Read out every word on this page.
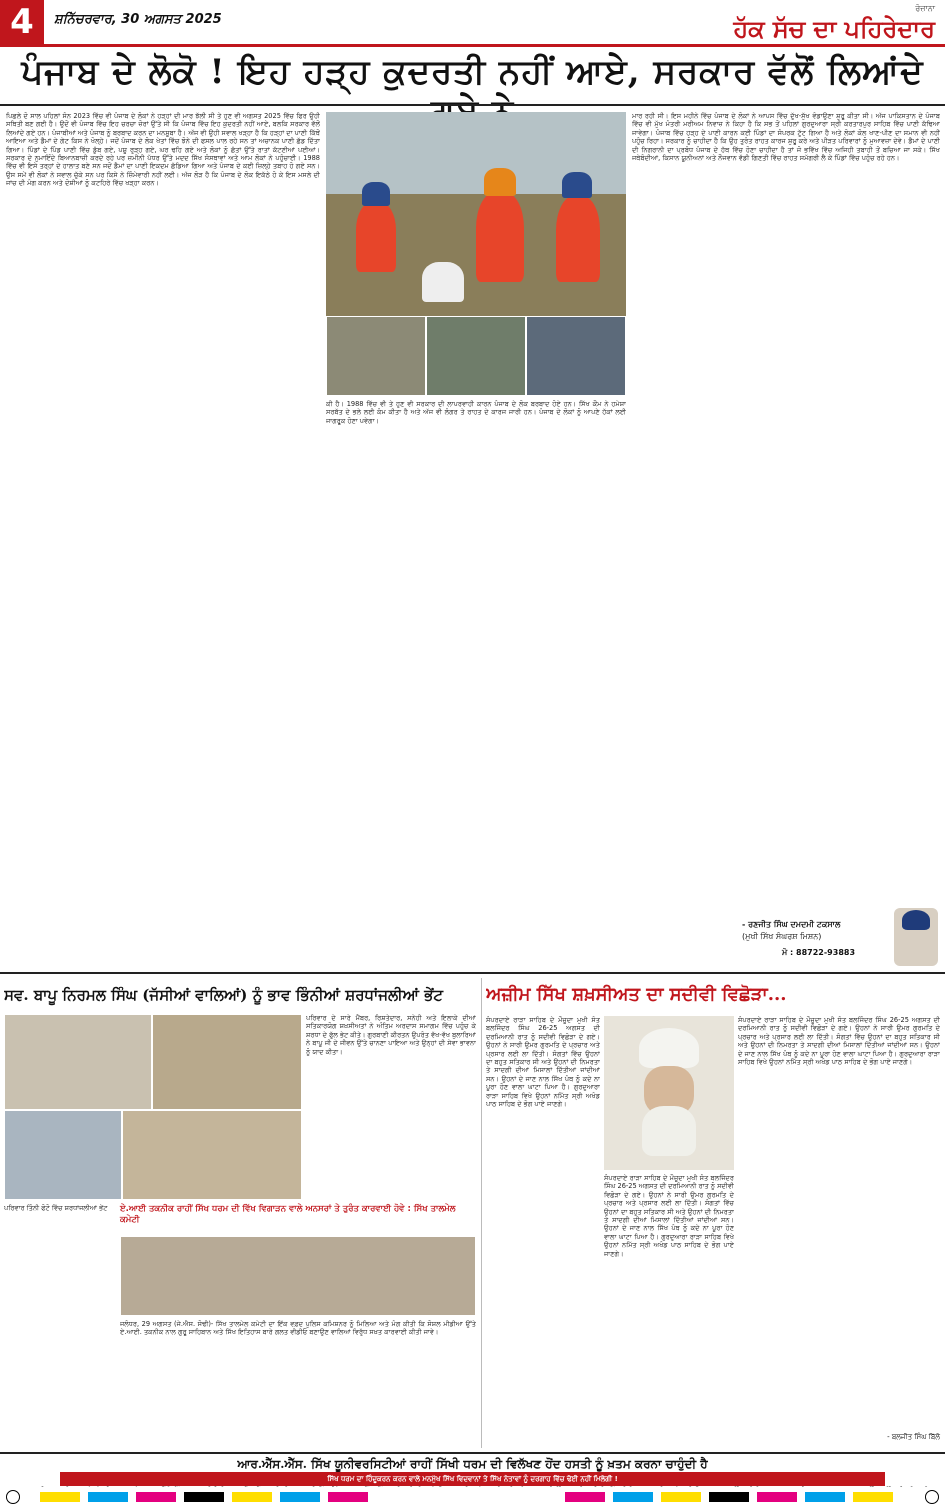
4	ਸ਼ਨਿੱਚਰਵਾਰ, 30 ਅਗਸਤ 2025
ਰੋਜ਼ਾਨਾ
ਹੱਕ ਸੱਚ ਦਾ ਪਹਿਰੇਦਾਰ
ਪੰਜਾਬ ਦੇ ਲੋਕੋ ! ਇਹ ਹੜ੍ਹ ਕੁਦਰਤੀ ਨਹੀਂ ਆਏ, ਸਰਕਾਰ ਵੱਲੋਂ ਲਿਆਂਦੇ
ਪਿਛਲੇ ਦੋ ਸਾਲ ਪਹਿਲਾਂ ਸੰਨ 2023 ਵਿੱਚ ਵੀ ਪੰਜਾਬ ਦੇ ਲੋਕਾਂ ਨੇ ਹੜ੍ਹਾਂ ਦੀ ਮਾਰ ਝੱਲੀ ਸੀ ਤੇ ਹੁਣ ਵੀ ਅਗਸਤ 2025 ਵਿੱਚ ਫਿਰ ਉਹੀ ਸਥਿਤੀ ਬਣ ਗਈ ਹੈ। ਉਦੋਂ ਵੀ ਪੰਜਾਬ ਵਿੱਚ ਇਹ ਚਰਚਾ ਜ਼ੋਰਾਂ ਉੱਤੇ ਸੀ ਕਿ ਪੰਜਾਬ ਵਿੱਚ ਇਹ ਕੁਦਰਤੀ ਨਹੀਂ ਆਏ, ਬਲਕਿ ਸਰਕਾਰ ਵੱਲੋਂ ਲਿਆਂਦੇ ਗਏ ਹਨ। ਪੰਜਾਬੀਆਂ ਅਤੇ ਪੰਜਾਬ ਨੂੰ ਬਰਬਾਦ ਕਰਨ ਦਾ ਮਨਸੂਬਾ ਹੈ। ਅੱਜ ਵੀ ਉਹੀ ਸਵਾਲ ਖੜ੍ਹਾ ਹੈ ਕਿ ਹੜ੍ਹਾਂ ਦਾ ਪਾਣੀ ਕਿੱਥੋਂ ਆਇਆ ਅਤੇ ਡੈਮਾਂ ਦੇ ਗੇਟ ਕਿਸ ਨੇ ਖੋਲ੍ਹੇ। ਜਦੋਂ ਪੰਜਾਬ ਦੇ ਲੋਕ ਖੇਤਾਂ ਵਿੱਚ ਝੋਨੇ ਦੀ ਫਸਲ ਪਾਲ ਰਹੇ ਸਨ ਤਾਂ ਅਚਾਨਕ ਪਾਣੀ ਛੱਡ ਦਿੱਤਾ ਗਿਆ। ਪਿੰਡਾਂ ਦੇ ਪਿੰਡ ਪਾਣੀ ਵਿੱਚ ਡੁੱਬ ਗਏ, ਪਸ਼ੂ ਰੁੜ੍ਹ ਗਏ, ਘਰ ਢਹਿ ਗਏ ਅਤੇ ਲੋਕਾਂ ਨੂੰ ਛੱਤਾਂ ਉੱਤੇ ਰਾਤਾਂ ਕੱਟਣੀਆਂ ਪਈਆਂ। ਸਰਕਾਰ ਦੇ ਨੁਮਾਇੰਦੇ ਬਿਆਨਬਾਜ਼ੀ ਕਰਦੇ ਰਹੇ ਪਰ ਜ਼ਮੀਨੀ ਪੱਧਰ ਉੱਤੇ ਮਦਦ ਸਿੱਖ ਸੰਸਥਾਵਾਂ ਅਤੇ ਆਮ ਲੋਕਾਂ ਨੇ ਪਹੁੰਚਾਈ। 1988 ਵਿੱਚ ਵੀ ਇਸੇ ਤਰ੍ਹਾਂ ਦੇ ਹਾਲਾਤ ਬਣੇ ਸਨ ਜਦੋਂ ਡੈਮਾਂ ਦਾ ਪਾਣੀ ਇਕਦਮ ਛੱਡਿਆ ਗਿਆ ਅਤੇ ਪੰਜਾਬ ਦੇ ਕਈ ਜ਼ਿਲ੍ਹੇ ਤਬਾਹ ਹੋ ਗਏ ਸਨ। ਉਸ ਸਮੇਂ ਵੀ ਲੋਕਾਂ ਨੇ ਸਵਾਲ ਚੁੱਕੇ ਸਨ ਪਰ ਕਿਸੇ ਨੇ ਜ਼ਿੰਮੇਵਾਰੀ ਨਹੀਂ ਲਈ। ਅੱਜ ਲੋੜ ਹੈ ਕਿ ਪੰਜਾਬ ਦੇ ਲੋਕ ਇਕੱਠੇ ਹੋ ਕੇ ਇਸ ਮਸਲੇ ਦੀ ਜਾਂਚ ਦੀ ਮੰਗ ਕਰਨ ਅਤੇ ਦੋਸ਼ੀਆਂ ਨੂੰ ਕਟਹਿਰੇ ਵਿੱਚ ਖੜ੍ਹਾ ਕਰਨ।
ਕੀ ਹੈ। 1988 ਵਿੱਚ ਵੀ ਤੇ ਹੁਣ ਵੀ ਸਰਕਾਰ ਦੀ ਲਾਪਰਵਾਹੀ ਕਾਰਨ ਪੰਜਾਬ ਦੇ ਲੋਕ ਬਰਬਾਦ ਹੋਏ ਹਨ। ਸਿੱਖ ਕੌਮ ਨੇ ਹਮੇਸ਼ਾ ਸਰਬੱਤ ਦੇ ਭਲੇ ਲਈ ਕੰਮ ਕੀਤਾ ਹੈ ਅਤੇ ਅੱਜ ਵੀ ਲੰਗਰ ਤੇ ਰਾਹਤ ਦੇ ਕਾਰਜ ਜਾਰੀ ਹਨ। ਪੰਜਾਬ ਦੇ ਲੋਕਾਂ ਨੂੰ ਆਪਣੇ ਹੱਕਾਂ ਲਈ ਜਾਗਰੂਕ ਹੋਣਾ ਪਵੇਗਾ।
ਮਾਰ ਰਹੀ ਸੀ। ਇਸ ਮਹੀਨੇ ਵਿੱਚ ਪੰਜਾਬ ਦੇ ਲੋਕਾਂ ਨੇ ਆਪਸ ਵਿੱਚ ਦੁੱਖ-ਸੁੱਖ ਵੰਡਾਉਣਾ ਸ਼ੁਰੂ ਕੀਤਾ ਸੀ। ਅੱਜ ਪਾਕਿਸਤਾਨ ਦੇ ਪੰਜਾਬ ਵਿੱਚ ਵੀ ਮੁੱਖ ਮੰਤਰੀ ਮਰੀਅਮ ਨਿਵਾਜ਼ ਨੇ ਕਿਹਾ ਹੈ ਕਿ ਸਭ ਤੋਂ ਪਹਿਲਾਂ ਗੁਰਦੁਆਰਾ ਸ੍ਰੀ ਕਰਤਾਰਪੁਰ ਸਾਹਿਬ ਵਿੱਚ ਪਾਣੀ ਕੱਢਿਆ ਜਾਵੇਗਾ। ਪੰਜਾਬ ਵਿੱਚ ਹੜ੍ਹ ਦੇ ਪਾਣੀ ਕਾਰਨ ਕਈ ਪਿੰਡਾਂ ਦਾ ਸੰਪਰਕ ਟੁੱਟ ਗਿਆ ਹੈ ਅਤੇ ਲੋਕਾਂ ਕੋਲ ਖਾਣ-ਪੀਣ ਦਾ ਸਮਾਨ ਵੀ ਨਹੀਂ ਪਹੁੰਚ ਰਿਹਾ। ਸਰਕਾਰ ਨੂੰ ਚਾਹੀਦਾ ਹੈ ਕਿ ਉਹ ਤੁਰੰਤ ਰਾਹਤ ਕਾਰਜ ਸ਼ੁਰੂ ਕਰੇ ਅਤੇ ਪੀੜਤ ਪਰਿਵਾਰਾਂ ਨੂੰ ਮੁਆਵਜ਼ਾ ਦੇਵੇ। ਡੈਮਾਂ ਦੇ ਪਾਣੀ ਦੀ ਨਿਗਰਾਨੀ ਦਾ ਪ੍ਰਬੰਧ ਪੰਜਾਬ ਦੇ ਹੱਥ ਵਿੱਚ ਹੋਣਾ ਚਾਹੀਦਾ ਹੈ ਤਾਂ ਜੋ ਭਵਿੱਖ ਵਿੱਚ ਅਜਿਹੀ ਤਬਾਹੀ ਤੋਂ ਬਚਿਆ ਜਾ ਸਕੇ। ਸਿੱਖ ਜਥੇਬੰਦੀਆਂ, ਕਿਸਾਨ ਯੂਨੀਅਨਾਂ ਅਤੇ ਨੌਜਵਾਨ ਵੱਡੀ ਗਿਣਤੀ ਵਿੱਚ ਰਾਹਤ ਸਮੱਗਰੀ ਲੈ ਕੇ ਪਿੰਡਾਂ ਵਿੱਚ ਪਹੁੰਚ ਰਹੇ ਹਨ।
- ਰਣਜੀਤ ਸਿੰਘ ਦਮਦਮੀ ਟਕਸਾਲ
(ਮੁਖੀ ਸਿੱਖ ਸੰਘਰਸ਼ ਮਿਸ਼ਨ)
ਮੋ : 88722-93883
ਸਵ. ਬਾਪੂ ਨਿਰਮਲ ਸਿੰਘ (ਜੱਸੀਆਂ ਵਾਲਿਆਂ) ਨੂੰ ਭਾਵ ਭਿੰਨੀਆਂ ਸ਼ਰਧਾਂਜਲੀਆਂ ਭੇਂਟ
ਪਰਿਵਾਰ ਦੇ ਸਾਰੇ ਮੈਂਬਰ, ਰਿਸ਼ਤੇਦਾਰ, ਸਨੇਹੀ ਅਤੇ ਇਲਾਕੇ ਦੀਆਂ ਸਤਿਕਾਰਯੋਗ ਸ਼ਖ਼ਸੀਅਤਾਂ ਨੇ ਅੰਤਿਮ ਅਰਦਾਸ ਸਮਾਗਮ ਵਿੱਚ ਪਹੁੰਚ ਕੇ ਸ਼ਰਧਾ ਦੇ ਫੁੱਲ ਭੇਟ ਕੀਤੇ। ਗੁਰਬਾਣੀ ਕੀਰਤਨ ਉਪਰੰਤ ਵੱਖ-ਵੱਖ ਬੁਲਾਰਿਆਂ ਨੇ ਬਾਪੂ ਜੀ ਦੇ ਜੀਵਨ ਉੱਤੇ ਚਾਨਣਾ ਪਾਇਆ ਅਤੇ ਉਨ੍ਹਾਂ ਦੀ ਸੇਵਾ ਭਾਵਨਾ ਨੂੰ ਯਾਦ ਕੀਤਾ।
ਪਰਿਵਾਰ ਤਿੰਨੀ ਫੋਟੋ ਵਿੱਚ ਸ਼ਰਧਾਂਜਲੀਆਂ ਭੇਂਟ	ਏ.ਆਈ ਤਕਨੀਕ ਰਾਹੀਂ ਸਿੱਖ ਧਰਮ ਦੀ ਵਿੱਖ ਵਿਗਾੜਨ ਵਾਲੇ ਅਨਸਰਾਂ ਤੇ ਤੁਰੰਤ ਕਾਰਵਾਈ ਹੋਵੇ : ਸਿੱਖ ਤਾਲਮੇਲ ਕਮੇਟੀ
ਜਲੰਧਰ, 29 ਅਗਸਤ (ਜੇ.ਐਸ. ਸੋਢੀ)- ਸਿੱਖ ਤਾਲਮੇਲ ਕਮੇਟੀ ਦਾ ਇੱਕ ਵਫ਼ਦ ਪੁਲਿਸ ਕਮਿਸ਼ਨਰ ਨੂੰ ਮਿਲਿਆ ਅਤੇ ਮੰਗ ਕੀਤੀ ਕਿ ਸੋਸ਼ਲ ਮੀਡੀਆ ਉੱਤੇ ਏ.ਆਈ. ਤਕਨੀਕ ਨਾਲ ਗੁਰੂ ਸਾਹਿਬਾਨ ਅਤੇ ਸਿੱਖ ਇਤਿਹਾਸ ਬਾਰੇ ਗਲਤ ਵੀਡੀਓ ਬਣਾਉਣ ਵਾਲਿਆਂ ਵਿਰੁੱਧ ਸਖ਼ਤ ਕਾਰਵਾਈ ਕੀਤੀ ਜਾਵੇ।
ਅਜ਼ੀਮ ਸਿੱਖ ਸ਼ਖ਼ਸੀਅਤ ਦਾ ਸਦੀਵੀ ਵਿਛੋੜਾ...
ਸੰਪਰਦਾਏ ਰਾੜਾ ਸਾਹਿਬ ਦੇ ਮੌਜੂਦਾ ਮੁਖੀ ਸੰਤ ਬਲਜਿੰਦਰ ਸਿੰਘ 26-25 ਅਗਸਤ ਦੀ ਦਰਮਿਆਨੀ ਰਾਤ ਨੂੰ ਸਦੀਵੀ ਵਿਛੋੜਾ ਦੇ ਗਏ। ਉਹਨਾਂ ਨੇ ਸਾਰੀ ਉਮਰ ਗੁਰਮਤਿ ਦੇ ਪ੍ਰਚਾਰ ਅਤੇ ਪ੍ਰਸਾਰ ਲਈ ਲਾ ਦਿੱਤੀ। ਸੰਗਤਾਂ ਵਿੱਚ ਉਹਨਾਂ ਦਾ ਬਹੁਤ ਸਤਿਕਾਰ ਸੀ ਅਤੇ ਉਹਨਾਂ ਦੀ ਨਿਮਰਤਾ ਤੇ ਸਾਦਗੀ ਦੀਆਂ ਮਿਸਾਲਾਂ ਦਿੱਤੀਆਂ ਜਾਂਦੀਆਂ ਸਨ। ਉਹਨਾਂ ਦੇ ਜਾਣ ਨਾਲ ਸਿੱਖ ਪੰਥ ਨੂੰ ਕਦੇ ਨਾ ਪੂਰਾ ਹੋਣ ਵਾਲਾ ਘਾਟਾ ਪਿਆ ਹੈ। ਗੁਰਦੁਆਰਾ ਰਾੜਾ ਸਾਹਿਬ ਵਿਖੇ ਉਹਨਾਂ ਨਮਿੱਤ ਸ੍ਰੀ ਅਖੰਡ ਪਾਠ ਸਾਹਿਬ ਦੇ ਭੋਗ ਪਾਏ ਜਾਣਗੇ।
ਸੰਪਰਦਾਏ ਰਾੜਾ ਸਾਹਿਬ ਦੇ ਮੌਜੂਦਾ ਮੁਖੀ ਸੰਤ ਬਲਜਿੰਦਰ ਸਿੰਘ 26-25 ਅਗਸਤ ਦੀ ਦਰਮਿਆਨੀ ਰਾਤ ਨੂੰ ਸਦੀਵੀ ਵਿਛੋੜਾ ਦੇ ਗਏ। ਉਹਨਾਂ ਨੇ ਸਾਰੀ ਉਮਰ ਗੁਰਮਤਿ ਦੇ ਪ੍ਰਚਾਰ ਅਤੇ ਪ੍ਰਸਾਰ ਲਈ ਲਾ ਦਿੱਤੀ। ਸੰਗਤਾਂ ਵਿੱਚ ਉਹਨਾਂ ਦਾ ਬਹੁਤ ਸਤਿਕਾਰ ਸੀ ਅਤੇ ਉਹਨਾਂ ਦੀ ਨਿਮਰਤਾ ਤੇ ਸਾਦਗੀ ਦੀਆਂ ਮਿਸਾਲਾਂ ਦਿੱਤੀਆਂ ਜਾਂਦੀਆਂ ਸਨ। ਉਹਨਾਂ ਦੇ ਜਾਣ ਨਾਲ ਸਿੱਖ ਪੰਥ ਨੂੰ ਕਦੇ ਨਾ ਪੂਰਾ ਹੋਣ ਵਾਲਾ ਘਾਟਾ ਪਿਆ ਹੈ। ਗੁਰਦੁਆਰਾ ਰਾੜਾ ਸਾਹਿਬ ਵਿਖੇ ਉਹਨਾਂ ਨਮਿੱਤ ਸ੍ਰੀ ਅਖੰਡ ਪਾਠ ਸਾਹਿਬ ਦੇ ਭੋਗ ਪਾਏ ਜਾਣਗੇ।
ਸੰਪਰਦਾਏ ਰਾੜਾ ਸਾਹਿਬ ਦੇ ਮੌਜੂਦਾ ਮੁਖੀ ਸੰਤ ਬਲਜਿੰਦਰ ਸਿੰਘ 26-25 ਅਗਸਤ ਦੀ ਦਰਮਿਆਨੀ ਰਾਤ ਨੂੰ ਸਦੀਵੀ ਵਿਛੋੜਾ ਦੇ ਗਏ। ਉਹਨਾਂ ਨੇ ਸਾਰੀ ਉਮਰ ਗੁਰਮਤਿ ਦੇ ਪ੍ਰਚਾਰ ਅਤੇ ਪ੍ਰਸਾਰ ਲਈ ਲਾ ਦਿੱਤੀ। ਸੰਗਤਾਂ ਵਿੱਚ ਉਹਨਾਂ ਦਾ ਬਹੁਤ ਸਤਿਕਾਰ ਸੀ ਅਤੇ ਉਹਨਾਂ ਦੀ ਨਿਮਰਤਾ ਤੇ ਸਾਦਗੀ ਦੀਆਂ ਮਿਸਾਲਾਂ ਦਿੱਤੀਆਂ ਜਾਂਦੀਆਂ ਸਨ। ਉਹਨਾਂ ਦੇ ਜਾਣ ਨਾਲ ਸਿੱਖ ਪੰਥ ਨੂੰ ਕਦੇ ਨਾ ਪੂਰਾ ਹੋਣ ਵਾਲਾ ਘਾਟਾ ਪਿਆ ਹੈ। ਗੁਰਦੁਆਰਾ ਰਾੜਾ ਸਾਹਿਬ ਵਿਖੇ ਉਹਨਾਂ ਨਮਿੱਤ ਸ੍ਰੀ ਅਖੰਡ ਪਾਠ ਸਾਹਿਬ ਦੇ ਭੋਗ ਪਾਏ ਜਾਣਗੇ।
- ਬਲਜੀਤ ਸਿੰਘ ਬਿੱਲੋ
ਆਰ.ਐੱਸ.ਐੱਸ. ਸਿੱਖ ਯੂਨੀਵਰਸਿਟੀਆਂ ਰਾਹੀਂ ਸਿੱਖੀ ਧਰਮ ਦੀ ਵਿਲੱਖਣ ਹੋਂਦ ਹਸਤੀ ਨੂੰ ਖ਼ਤਮ ਕਰਨਾ ਚਾਹੁੰਦੀ ਹੈ
ਸਿੱਖ ਧਰਮ ਦਾ ਹਿੰਦੂਕਰਨ ਕਰਨ ਵਾਲੇ ਮਨਮੁੱਖ ਸਿੱਖ ਵਿਦਵਾਨਾਂ ਤੇ ਸਿੱਖ ਨੇਤਾਵਾਂ ਨੂੰ ਦਰਗਾਹ ਵਿੱਚ ਢੋਈ ਨਹੀਂ ਮਿਲੇਗੀ !
